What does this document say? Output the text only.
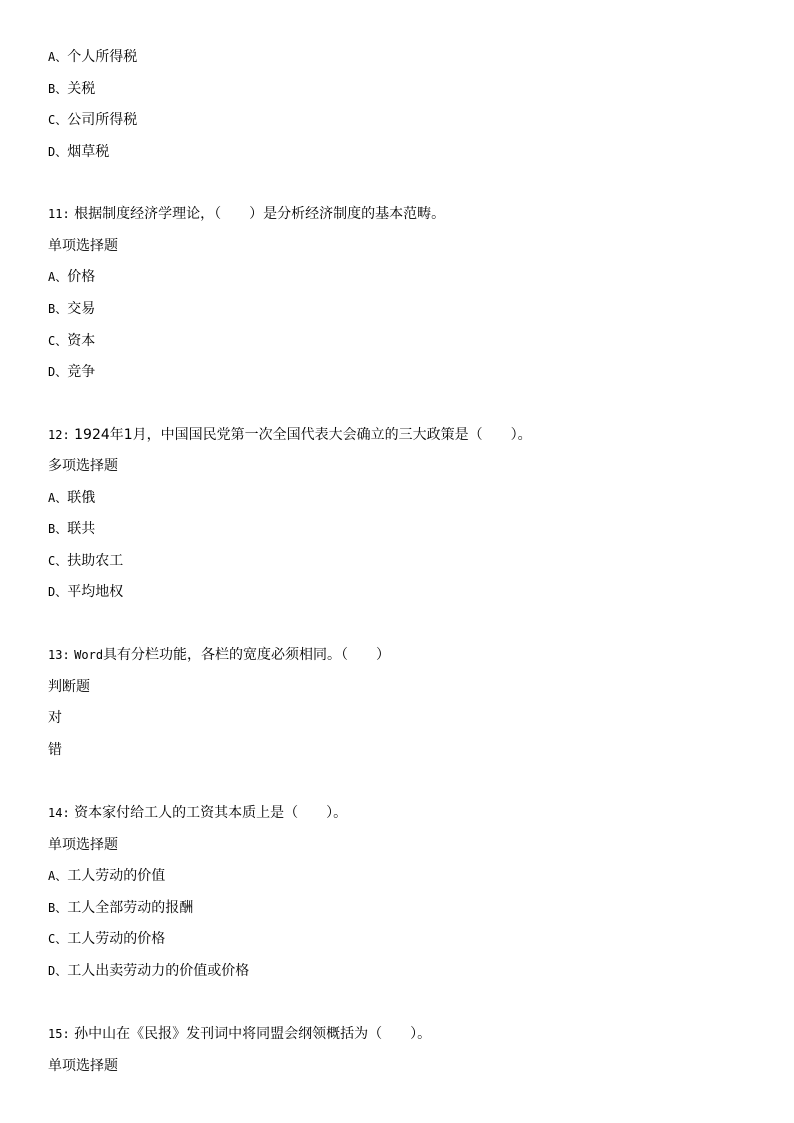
A、个人所得税
B、关税
C、公司所得税
D、烟草税
11: 根据制度经济学理论，（　　）是分析经济制度的基本范畴。
单项选择题
A、价格
B、交易
C、资本
D、竞争
12: 1924年1月，中国国民党第一次全国代表大会确立的三大政策是（　　）。
多项选择题
A、联俄
B、联共
C、扶助农工
D、平均地权
13: Word具有分栏功能，各栏的宽度必须相同。（　　）
判断题
对
错
14: 资本家付给工人的工资其本质上是（　　）。
单项选择题
A、工人劳动的价值
B、工人全部劳动的报酬
C、工人劳动的价格
D、工人出卖劳动力的价值或价格
15: 孙中山在《民报》发刊词中将同盟会纲领概括为（　　）。
单项选择题
